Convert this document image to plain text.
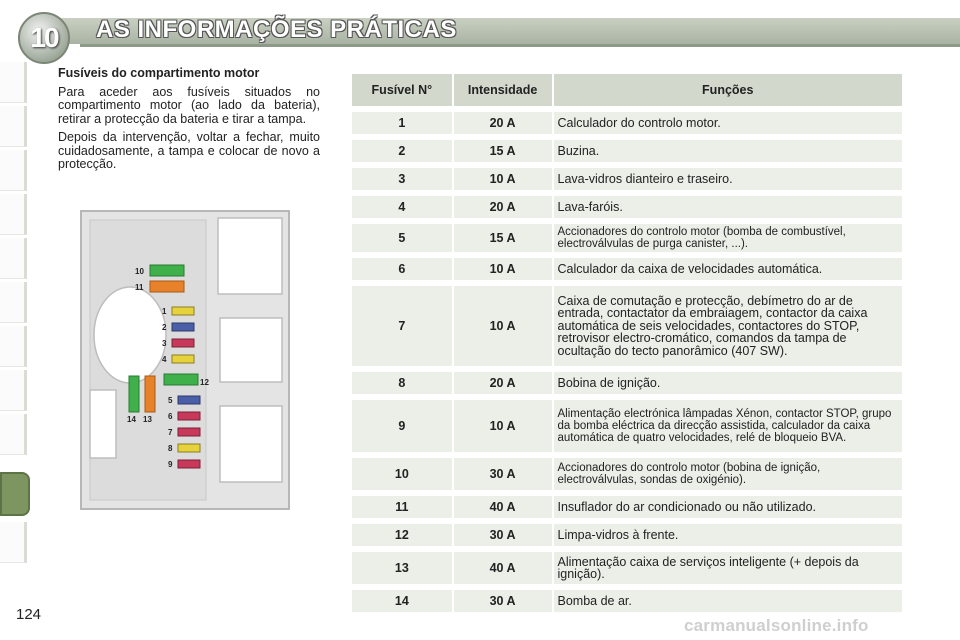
10	AS INFORMAÇÕES PRÁTICAS
Fusíveis do compartimento motor

Para aceder aos fusíveis situados no compartimento motor (ao lado da bateria), retirar a protecção da bateria e tirar a tampa.

Depois da intervenção, voltar a fechar, muito cuidadosamente, a tampa e colocar de novo a protecção.

10
11
1
2
3
4
12
5
6
7
8
9
14 13
Fusível N°	Intensidade	Funções
1	20 A	Calculador do controlo motor.
2	15 A	Buzina.
3	10 A	Lava-vidros dianteiro e traseiro.
4	20 A	Lava-faróis.
5	15 A	Accionadores do controlo motor (bomba de combustível, electroválvulas de purga canister, ...).
6	10 A	Calculador da caixa de velocidades automática.
7	10 A	Caixa de comutação e protecção, debímetro do ar de entrada, contactator da embraiagem, contactor da caixa automática de seis velocidades, contactores do STOP, retrovisor electro-cromático, comandos da tampa de ocultação do tecto panorâmico (407 SW).
8	20 A	Bobina de ignição.
9	10 A	Alimentação electrónica lâmpadas Xénon, contactor STOP, grupo da bomba eléctrica da direcção assistida, calculador da caixa automática de quatro velocidades, relé de bloqueio BVA.
10	30 A	Accionadores do controlo motor (bobina de ignição, electroválvulas, sondas de oxigénio).
11	40 A	Insuflador do ar condicionado ou não utilizado.
12	30 A	Limpa-vidros à frente.
13	40 A	Alimentação caixa de serviços inteligente (+ depois da ignição).
14	30 A	Bomba de ar.
124
carmanualsonline.info
